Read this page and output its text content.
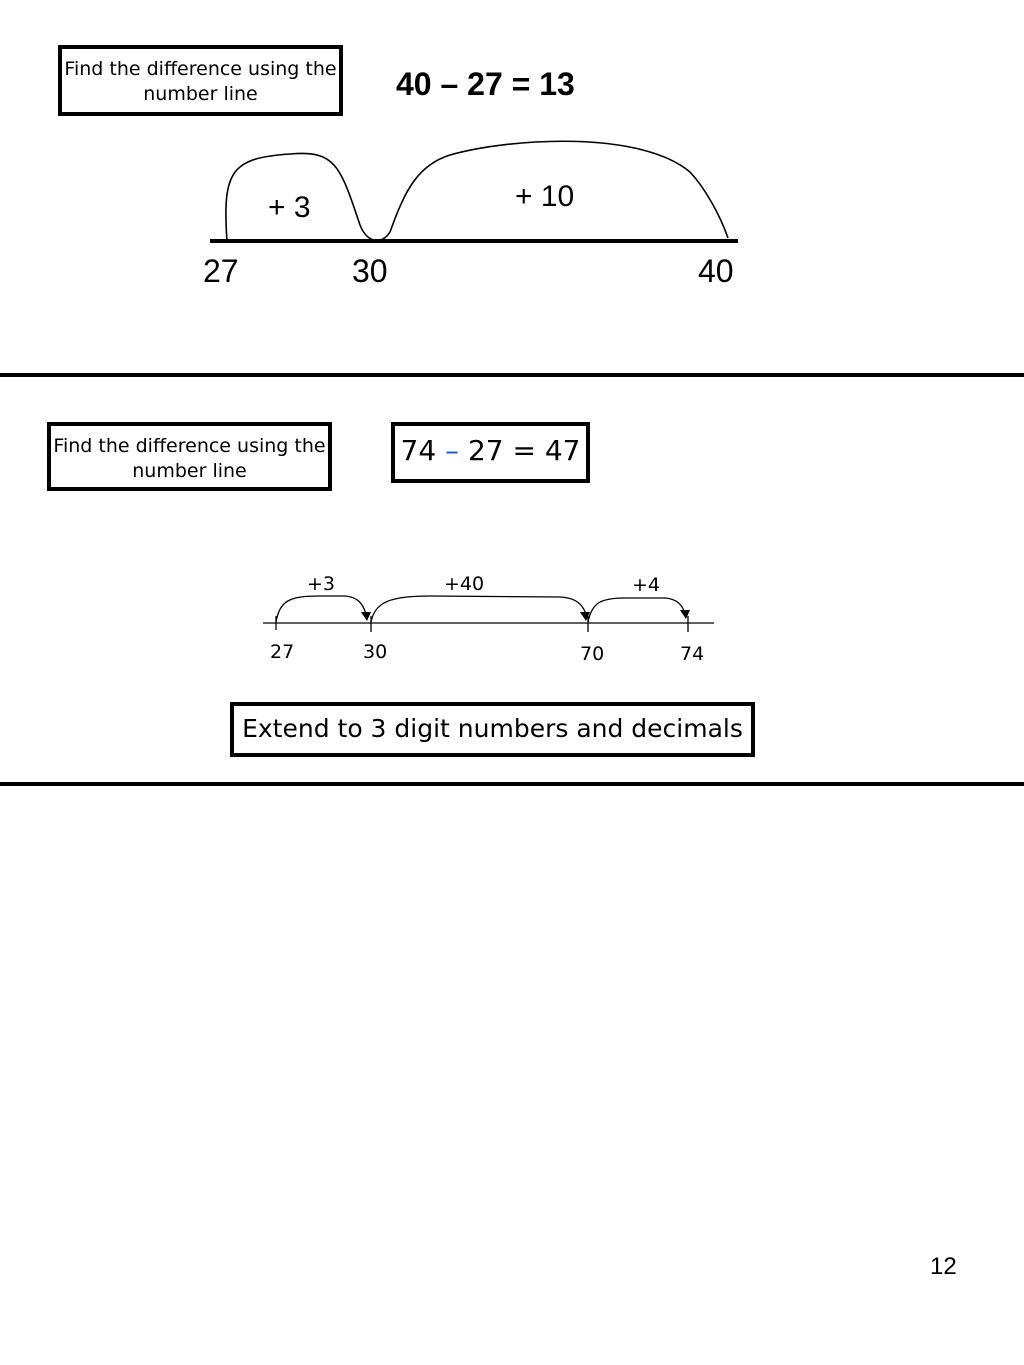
Find the difference using the number line	40 – 27 = 13
+ 3	+ 10
27	30	40
+3	+40	+4
27	30	70	74
Find the difference using the number line
74 – 27 = 47
Extend to 3 digit numbers and decimals
12
